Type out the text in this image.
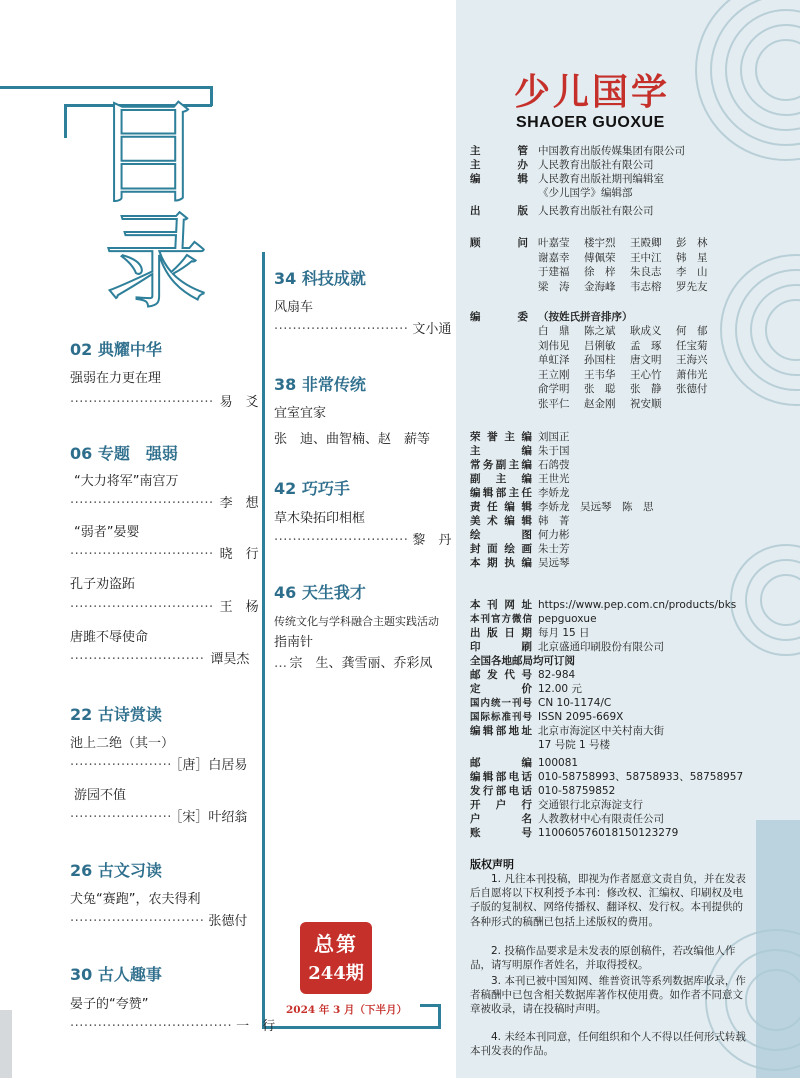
目
录
02 典耀中华
强弱在力更在理
······························· 易　爻
06 专题　强弱
“大力将军”南宫万
······························· 李　想
“弱者”晏婴
······························· 晓　行
孔子劝盗跖
······························· 王　杨
唐雎不辱使命
····························· 谭昊杰
22 古诗赏读
池上二绝（其一）
······················ ［唐］白居易
游园不值
······················ ［宋］叶绍翁
26 古文习读
犬兔“赛跑”，农夫得利
····························· 张德付
30 古人趣事
晏子的“夸赞”
··································· 一　行
34 科技成就
风扇车
····························· 文小通
38 非常传统
宜室宜家
张　迪、曲智楠、赵　薪等
42 巧巧手
草木染拓印相框
····························· 黎　丹
46 天生我才
传统文化与学科融合主题实践活动
指南针
… 宗　生、龚雪丽、乔彩凤
总第
244期
2024 年 3 月（下半月）
少儿国学
SHAOER GUOXUE
主　　管 中国教育出版传媒集团有限公司
主　　办 人民教育出版社有限公司
编　　辑 人民教育出版社期刊编辑室
《少儿国学》编辑部
出　　版 人民教育出版社有限公司
顾　　问 叶嘉莹 楼宇烈 王殿卿 彭　林
谢嘉幸 傅佩荣 王中江 韩　星
于建福 徐　梓 朱良志 李　山
梁　涛 金海峰 韦志榕 罗先友
编　　委 （按姓氏拼音排序）
白　鼎 陈之斌 耿成义 何　郁
刘伟见 吕俐敏 孟　琢 任宝菊
单虹泽 孙国柱 唐文明 王海兴
王立刚 王韦华 王心竹 萧伟光
俞学明 张　聪 张　静 张德付
张平仁 赵金刚 祝安顺
荣誉主编 刘国正
主　　编 朱于国
常务副主编 石鸽弢
副 主 编 王世光
编辑部主任 李娇龙
责任编辑 李娇龙　吴远琴　陈　思
美术编辑 韩　菁
绘　　图 何力彬
封面绘画 朱士芳
本期执编 吴远琴
本刊网址 https://www.pep.com.cn/products/bks
本刊官方微信 pepguoxue
出版日期 每月 15 日
印　　刷 北京盛通印刷股份有限公司
全国各地邮局均可订阅
邮发代号 82-984
定　　价 12.00 元
国内统一刊号 CN 10-1174/C
国际标准刊号 ISSN 2095-669X
编辑部地址 北京市海淀区中关村南大街
17 号院 1 号楼
邮　　编 100081
编辑部电话 010-58758993、58758933、58758957
发行部电话 010-58759852
开 户 行 交通银行北京海淀支行
户　　名 人教教材中心有限责任公司
账　　号 110060576018150123279
版权声明
1. 凡往本刊投稿，即视为作者愿意文责自负，并在发表后自愿将以下权利授予本刊：修改权、汇编权、印刷权及电子版的复制权、网络传播权、翻译权、发行权。本刊提供的各种形式的稿酬已包括上述版权的费用。
2. 投稿作品要求是未发表的原创稿件，若改编他人作品，请写明原作者姓名，并取得授权。
3. 本刊已被中国知网、维普资讯等系列数据库收录，作者稿酬中已包含相关数据库著作权使用费。如作者不同意文章被收录，请在投稿时声明。
4. 未经本刊同意，任何组织和个人不得以任何形式转载本刊发表的作品。
